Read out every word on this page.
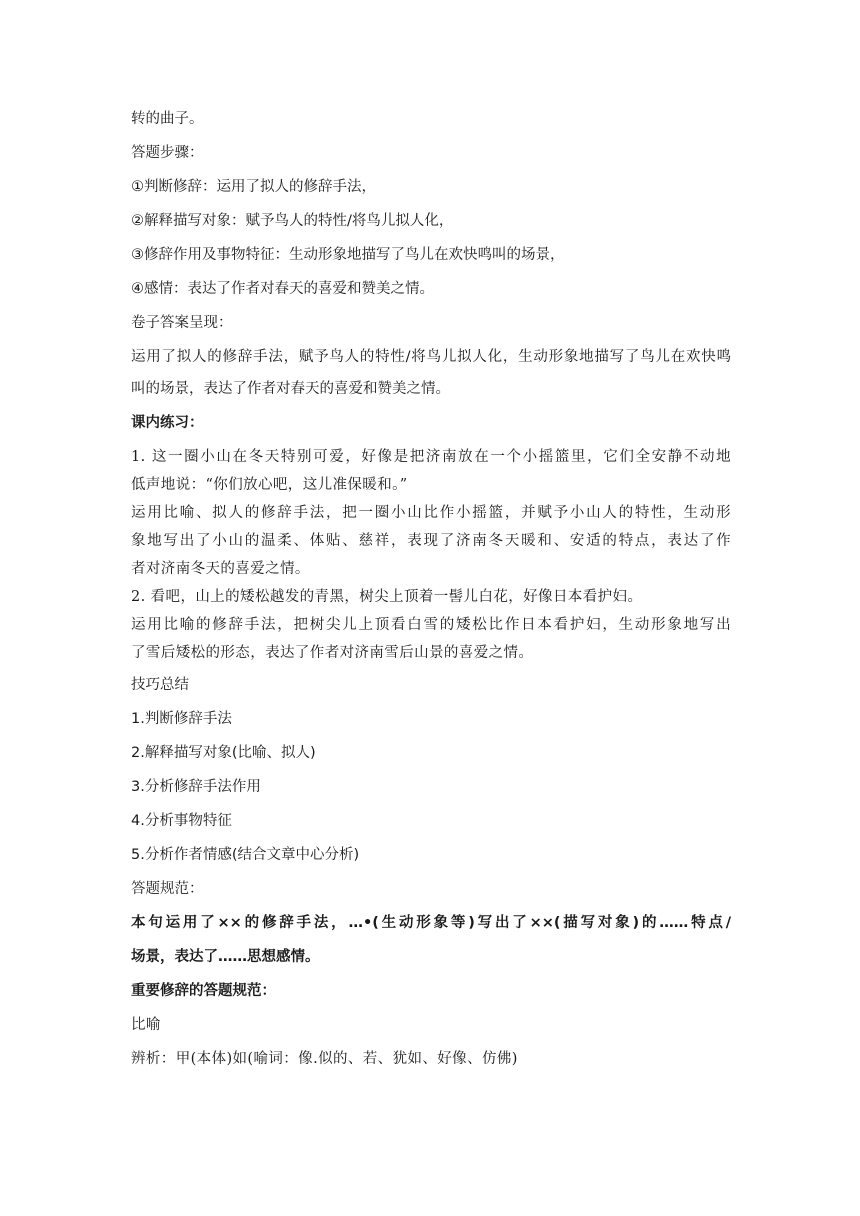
转的曲子。

答题步骤：

①判断修辞：运用了拟人的修辞手法，

②解释描写对象：赋予鸟人的特性/将鸟儿拟人化，

③修辞作用及事物特征：生动形象地描写了鸟儿在欢快鸣叫的场景，

④感情：表达了作者对春天的喜爱和赞美之情。

卷子答案呈现：

运用了拟人的修辞手法，赋予鸟人的特性/将鸟儿拟人化，生动形象地描写了鸟儿在欢快鸣

叫的场景，表达了作者对春天的喜爱和赞美之情。

课内练习：

1. 这一圈小山在冬天特别可爱，好像是把济南放在一个小摇篮里，它们全安静不动地

低声地说：“你们放心吧，这儿准保暖和。”

运用比喻、拟人的修辞手法，把一圈小山比作小摇篮，并赋予小山人的特性，生动形

象地写出了小山的温柔、体贴、慈祥，表现了济南冬天暖和、安适的特点，表达了作

者对济南冬天的喜爱之情。

2. 看吧，山上的矮松越发的青黑，树尖上顶着一髻儿白花，好像日本看护妇。

运用比喻的修辞手法，把树尖儿上顶看白雪的矮松比作日本看护妇，生动形象地写出

了雪后矮松的形态，表达了作者对济南雪后山景的喜爱之情。

技巧总结

1.判断修辞手法

2.解释描写对象(比喻、拟人)

3.分析修辞手法作用

4.分析事物特征

5.分析作者情感(结合文章中心分析)

答题规范：

本句运用了××的修辞手法，…•(生动形象等)写出了××(描写对象)的……特点/

场景，表达了……思想感情。

重要修辞的答题规范：

比喻

辨析：甲(本体)如(喻词：像.似的、若、犹如、好像、仿佛)
